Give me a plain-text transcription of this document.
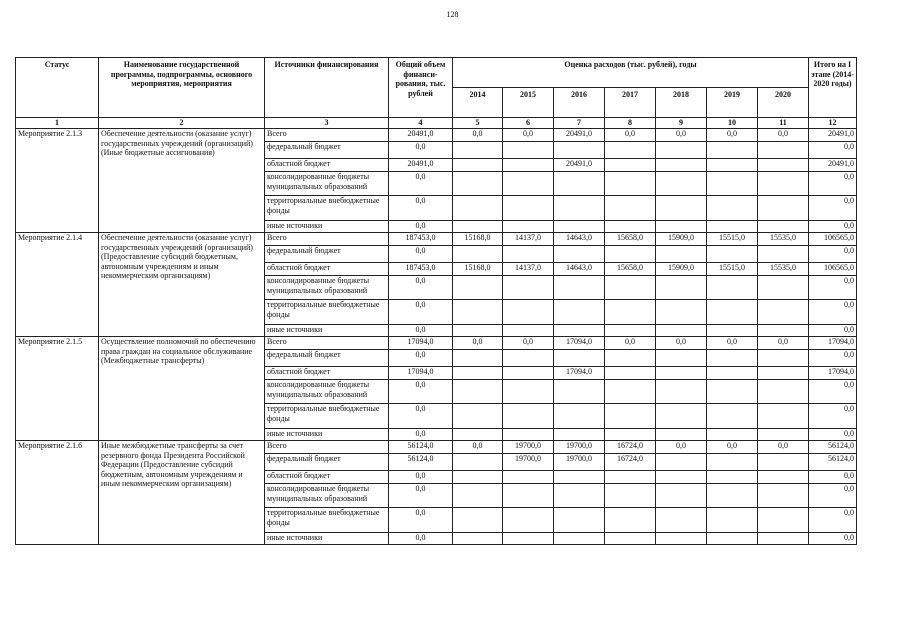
128
Статус	Наименование государственной программы, подпрограммы, основного мероприятия, мероприятия	Источники финансирования	Общий объем финанси-рования, тыс. рублей	Оценка расходов (тыс. рублей), годы							Итого на I этапе (2014-2020 годы)
				2014	2015	2016	2017	2018	2019	2020	
1	2	3	4	5	6	7	8	9	10	11	12
Мероприятие 2.1.3	Обеспечение деятельности (оказание услуг) государственных учреждений (организаций) (Иные бюджетные ассигнования)	Всего	20491,0	0,0	0,0	20491,0	0,0	0,0	0,0	0,0	20491,0
		федеральный бюджет	0,0								0,0
		областной бюджет	20491,0			20491,0					20491,0
		консолидированные бюджеты муниципальных образований	0,0								0,0
		территориальные внебюджетные фонды	0,0								0,0
		иные источники	0,0								0,0
Мероприятие 2.1.4	Обеспечение деятельности (оказание услуг) государственных учреждений (организаций) (Предоставление субсидий бюджетным, автономным учреждениям и иным некоммерческим организациям)	Всего	187453,0	15168,0	14137,0	14643,0	15658,0	15909,0	15515,0	15535,0	106565,0
		федеральный бюджет	0,0								0,0
		областной бюджет	187453,0	15168,0	14137,0	14643,0	15658,0	15909,0	15515,0	15535,0	106565,0
		консолидированные бюджеты муниципальных образований	0,0								0,0
		территориальные внебюджетные фонды	0,0								0,0
		иные источники	0,0								0,0
Мероприятие 2.1.5	Осуществление полномочий по обеспечению права граждан на социальное обслуживание (Межбюджетные трансферты)	Всего	17094,0	0,0	0,0	17094,0	0,0	0,0	0,0	0,0	17094,0
		федеральный бюджет	0,0								0,0
		областной бюджет	17094,0			17094,0					17094,0
		консолидированные бюджеты муниципальных образований	0,0								0,0
		территориальные внебюджетные фонды	0,0								0,0
		иные источники	0,0								0,0
Мероприятие 2.1.6	Иные межбюджетные трансферты за счет резервного фонда Президента Российской Федерации (Предоставление субсидий бюджетным, автономным учреждениям и иным некоммерческим организациям)	Всего	56124,0	0,0	19700,0	19700,0	16724,0	0,0	0,0	0,0	56124,0
		федеральный бюджет	56124,0		19700,0	19700,0	16724,0				56124,0
		областной бюджет	0,0								0,0
		консолидированные бюджеты муниципальных образований	0,0								0,0
		территориальные внебюджетные фонды	0,0								0,0
		иные источники	0,0								0,0
